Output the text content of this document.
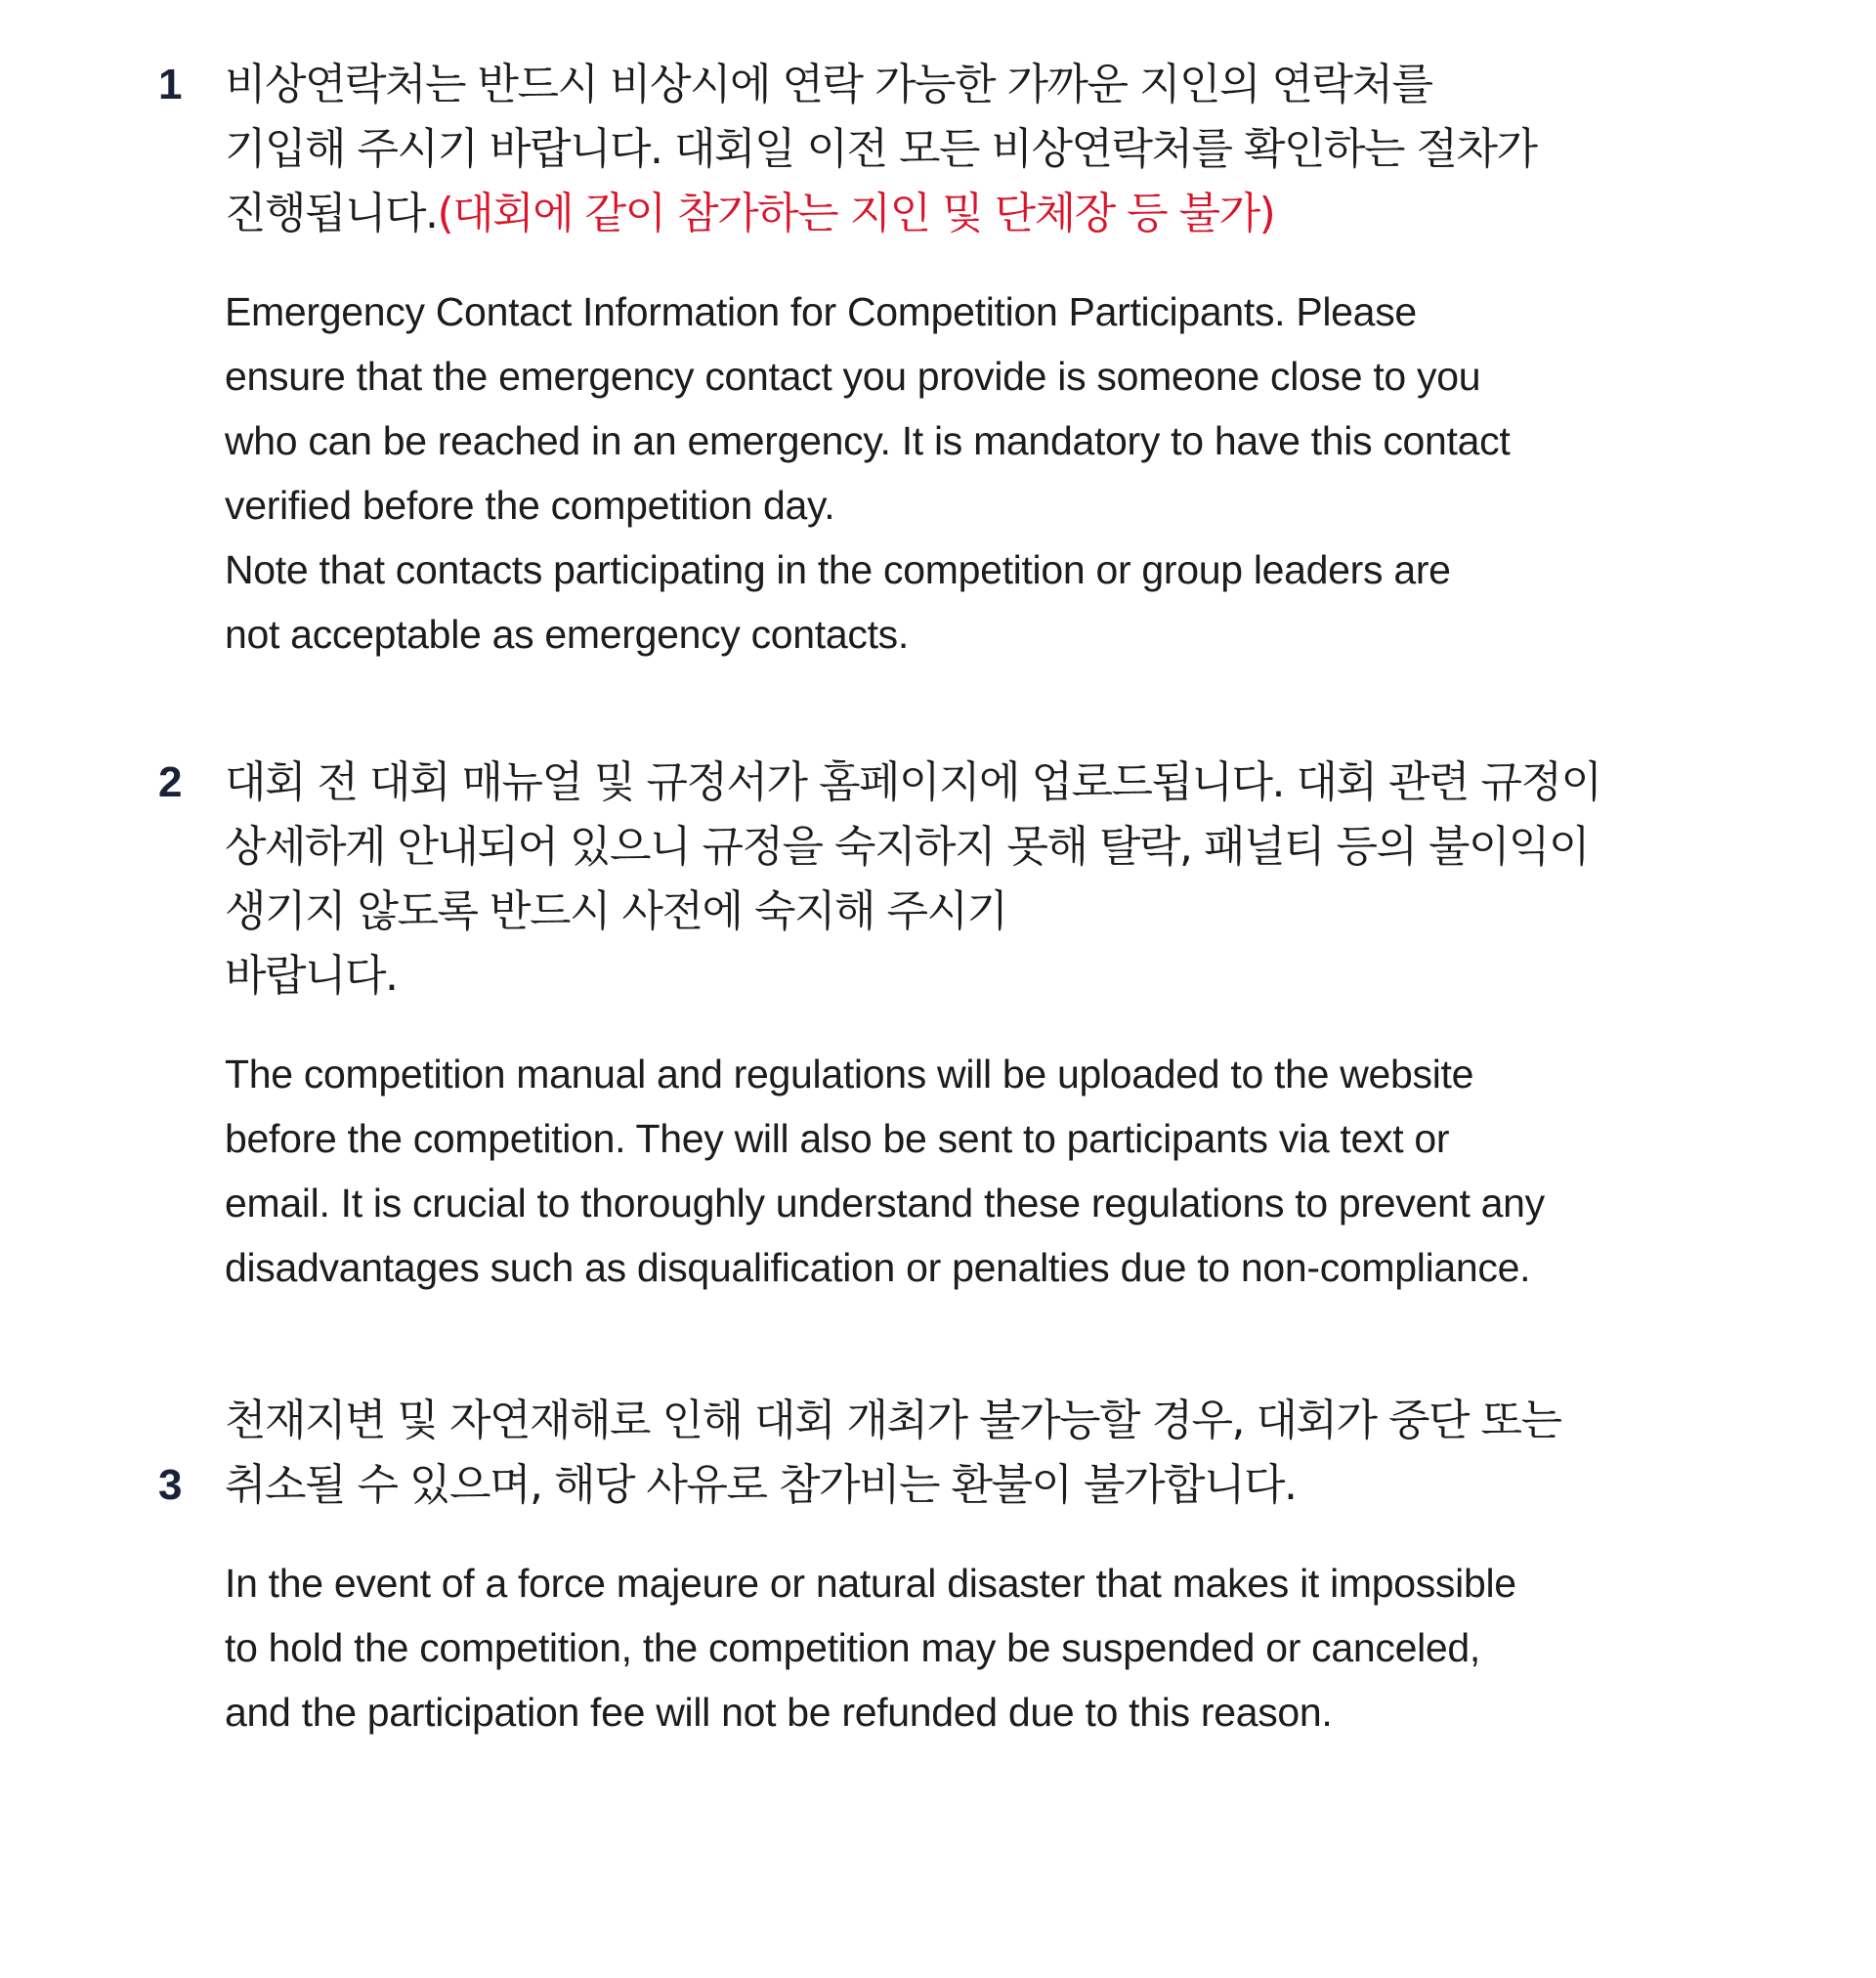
1 비상연락처는 반드시 비상시에 연락 가능한 가까운 지인의 연락처를
기입해 주시기 바랍니다. 대회일 이전 모든 비상연락처를 확인하는 절차가
진행됩니다.(대회에 같이 참가하는 지인 및 단체장 등 불가)

Emergency Contact Information for Competition Participants. Please
ensure that the emergency contact you provide is someone close to you
who can be reached in an emergency. It is mandatory to have this contact
verified before the competition day.
Note that contacts participating in the competition or group leaders are
not acceptable as emergency contacts.

2 대회 전 대회 매뉴얼 및 규정서가 홈페이지에 업로드됩니다. 대회 관련 규정이
상세하게 안내되어 있으니 규정을 숙지하지 못해 탈락, 패널티 등의 불이익이
생기지 않도록 반드시 사전에 숙지해 주시기
바랍니다.

The competition manual and regulations will be uploaded to the website
before the competition. They will also be sent to participants via text or
email. It is crucial to thoroughly understand these regulations to prevent any
disadvantages such as disqualification or penalties due to non-compliance.

3

천재지변 및 자연재해로 인해 대회 개최가 불가능할 경우, 대회가 중단 또는
취소될 수 있으며, 해당 사유로 참가비는 환불이 불가합니다.

In the event of a force majeure or natural disaster that makes it impossible
to hold the competition, the competition may be suspended or canceled,
and the participation fee will not be refunded due to this reason.
